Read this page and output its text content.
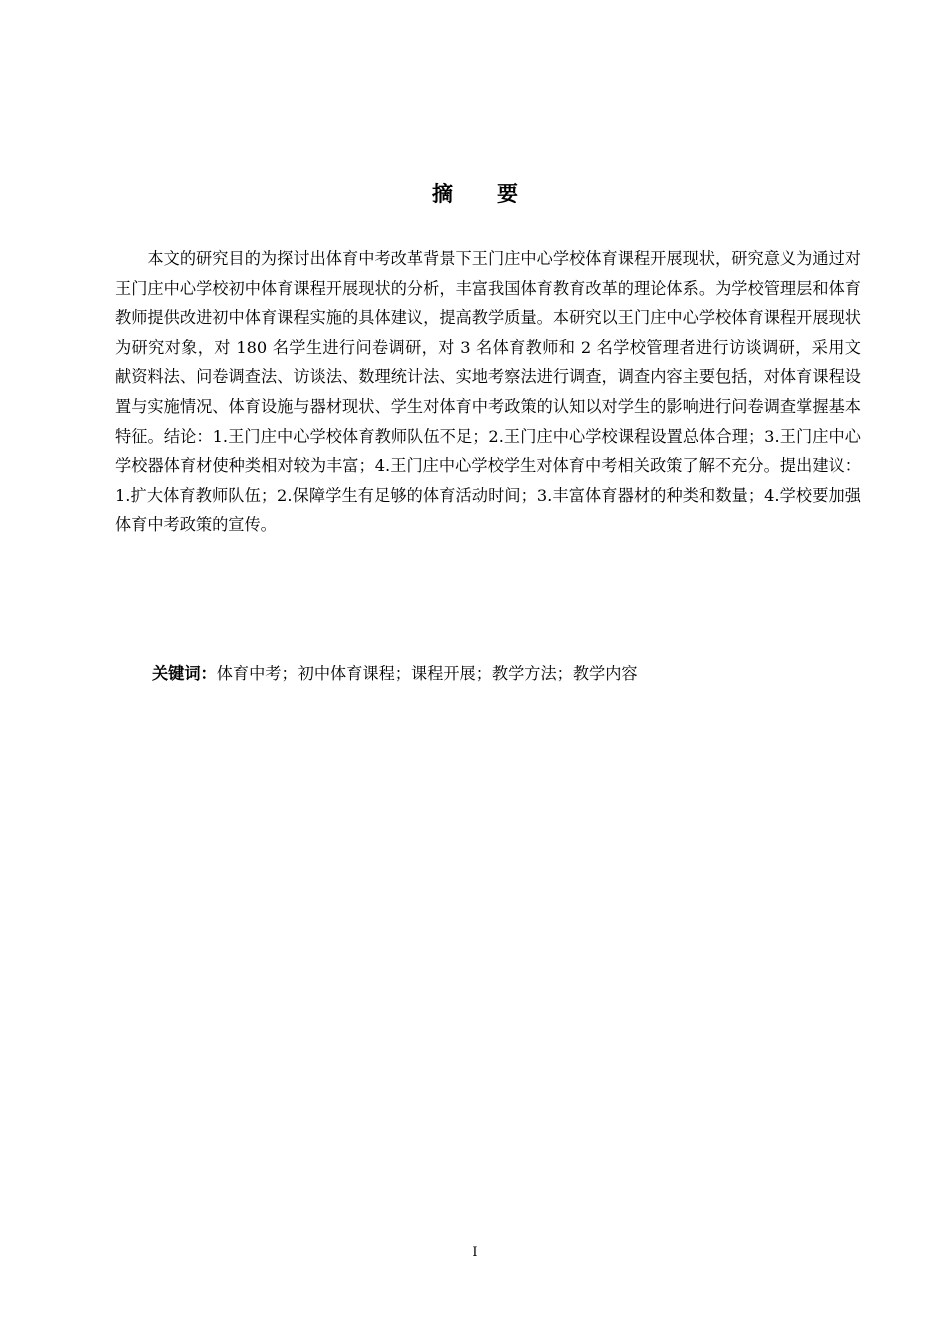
摘要

本文的研究目的为探讨出体育中考改革背景下王门庄中心学校体育课程开展现状，研究意义为通过对王门庄中心学校初中体育课程开展现状的分析，丰富我国体育教育改革的理论体系。为学校管理层和体育教师提供改进初中体育课程实施的具体建议，提高教学质量。本研究以王门庄中心学校体育课程开展现状为研究对象，对 180 名学生进行问卷调研，对 3 名体育教师和 2 名学校管理者进行访谈调研，采用文献资料法、问卷调查法、访谈法、数理统计法、实地考察法进行调查，调查内容主要包括，对体育课程设置与实施情况、体育设施与器材现状、学生对体育中考政策的认知以对学生的影响进行问卷调查掌握基本特征。结论：1.王门庄中心学校体育教师队伍不足；2.王门庄中心学校课程设置总体合理；3.王门庄中心学校器体育材使种类相对较为丰富；4.王门庄中心学校学生对体育中考相关政策了解不充分。提出建议：1.扩大体育教师队伍；2.保障学生有足够的体育活动时间；3.丰富体育器材的种类和数量；4.学校要加强体育中考政策的宣传。

关键词：体育中考；初中体育课程；课程开展；教学方法；教学内容

I
